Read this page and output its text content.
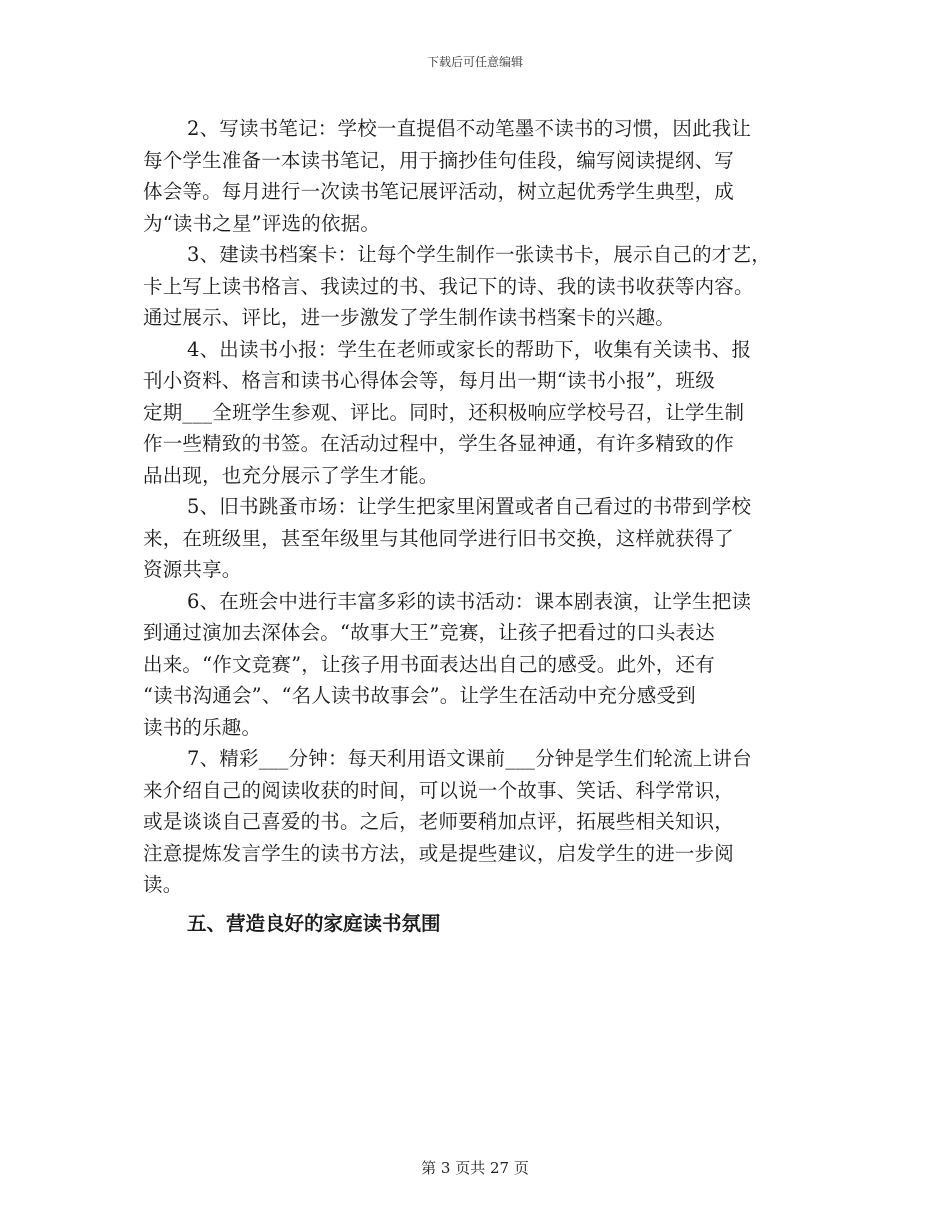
下载后可任意编辑

2、写读书笔记：学校一直提倡不动笔墨不读书的习惯，因此我让
每个学生准备一本读书笔记，用于摘抄佳句佳段，编写阅读提纲、写
体会等。每月进行一次读书笔记展评活动，树立起优秀学生典型，成
为“读书之星”评选的依据。

3、建读书档案卡：让每个学生制作一张读书卡，展示自己的才艺，
卡上写上读书格言、我读过的书、我记下的诗、我的读书收获等内容。
通过展示、评比，进一步激发了学生制作读书档案卡的兴趣。

4、出读书小报：学生在老师或家长的帮助下，收集有关读书、报
刊小资料、格言和读书心得体会等，每月出一期“读书小报”，班级
定期___全班学生参观、评比。同时，还积极响应学校号召，让学生制
作一些精致的书签。在活动过程中，学生各显神通，有许多精致的作
品出现，也充分展示了学生才能。

5、旧书跳蚤市场：让学生把家里闲置或者自己看过的书带到学校
来，在班级里，甚至年级里与其他同学进行旧书交换，这样就获得了
资源共享。

6、在班会中进行丰富多彩的读书活动：课本剧表演，让学生把读
到通过演加去深体会。“故事大王”竞赛，让孩子把看过的口头表达
出来。“作文竞赛”，让孩子用书面表达出自己的感受。此外，还有
“读书沟通会”、“名人读书故事会”。让学生在活动中充分感受到
读书的乐趣。

7、精彩___分钟：每天利用语文课前___分钟是学生们轮流上讲台
来介绍自己的阅读收获的时间，可以说一个故事、笑话、科学常识，
或是谈谈自己喜爱的书。之后，老师要稍加点评，拓展些相关知识，
注意提炼发言学生的读书方法，或是提些建议，启发学生的进一步阅
读。

五、营造良好的家庭读书氛围
第 3 页共 27 页
